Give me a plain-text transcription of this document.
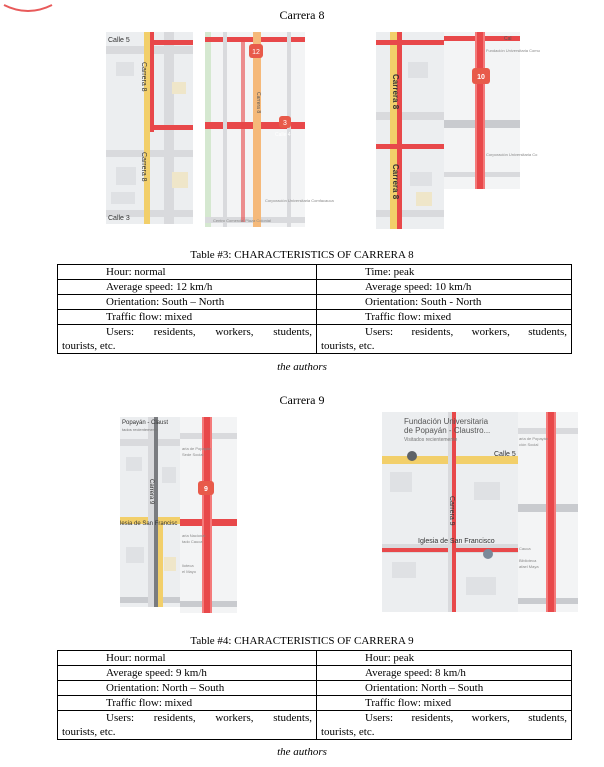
Carrera 8
Calle 5
Carrera 8
Carrera 8
Calle 3
12
3
Carrera 8
Calle 4
Corporación Universitaria Comfacauca
Centro Comercial Plaza Colonial
Carrera 8
Carrera 8
10
Cal
Fundación Universitaria Comu
Corporación Universitaria Co
Table #3: CHARACTERISTICS OF CARRERA 8
Hour: normal	Time: peak

Average speed: 12 km/h	Average speed: 10 km/h

Orientation: South – North	Orientation: South - North

Traffic flow: mixed	Traffic flow: mixed

Users: residents, workers, students,
tourists, etc.	Users: residents, workers, students,
tourists, etc.
the authors
Carrera 9
Popayán - Claust
tados recientemente
Carrera 9
lesia de San Francisc
9
aria de Popayán
Sede Social
aria Nacional
tado Cauca
lioteca
el Mayo
Fundación Universitaria
de Popayán - Claustro...
Visitados recientemente
Calle 5
Carrera 9
Iglesia de San Francisco
aria de Popayán
ción Social
Cauca
Biblioteca
afael Maya
Table #4: CHARACTERISTICS OF CARRERA 9
Hour: normal	Hour: peak

Average speed: 9 km/h	Average speed: 8 km/h

Orientation: North – South	Orientation: North – South

Traffic flow: mixed	Traffic flow: mixed

Users: residents, workers, students,
tourists, etc.	Users: residents, workers, students,
tourists, etc.
the authors
